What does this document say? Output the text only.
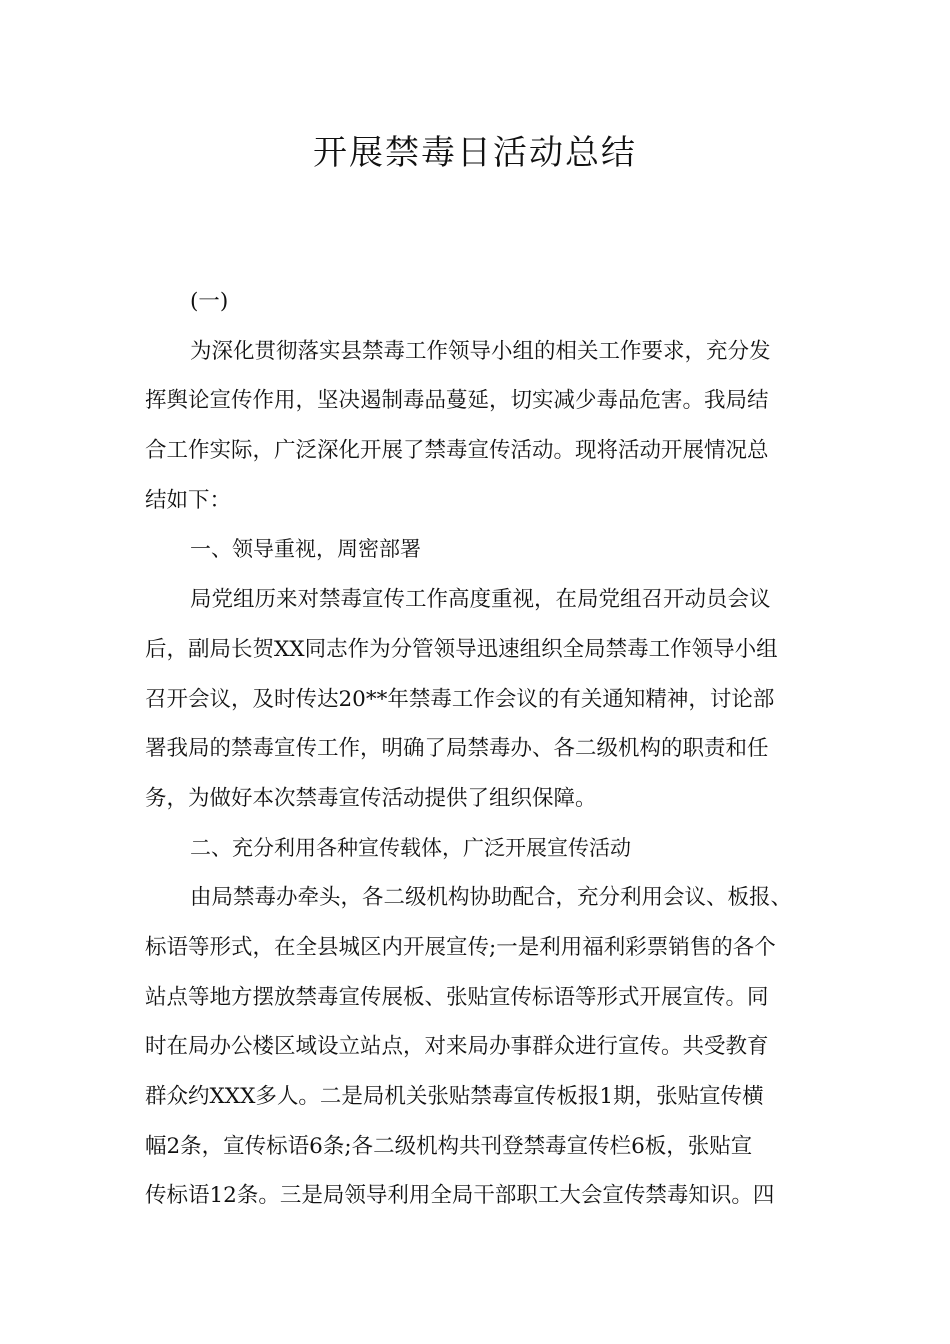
开展禁毒日活动总结
(一)
为深化贯彻落实县禁毒工作领导小组的相关工作要求，充分发
挥舆论宣传作用，坚决遏制毒品蔓延，切实减少毒品危害。我局结
合工作实际，广泛深化开展了禁毒宣传活动。现将活动开展情况总
结如下：
一、领导重视，周密部署
局党组历来对禁毒宣传工作高度重视，在局党组召开动员会议
后，副局长贺XX同志作为分管领导迅速组织全局禁毒工作领导小组
召开会议，及时传达20**年禁毒工作会议的有关通知精神，讨论部
署我局的禁毒宣传工作，明确了局禁毒办、各二级机构的职责和任
务，为做好本次禁毒宣传活动提供了组织保障。
二、充分利用各种宣传载体，广泛开展宣传活动
由局禁毒办牵头，各二级机构协助配合，充分利用会议、板报、
标语等形式，在全县城区内开展宣传;一是利用福利彩票销售的各个
站点等地方摆放禁毒宣传展板、张贴宣传标语等形式开展宣传。同
时在局办公楼区域设立站点，对来局办事群众进行宣传。共受教育
群众约XXX多人。二是局机关张贴禁毒宣传板报1期，张贴宣传横
幅2条，宣传标语6条;各二级机构共刊登禁毒宣传栏6板，张贴宣
传标语12条。三是局领导利用全局干部职工大会宣传禁毒知识。四
